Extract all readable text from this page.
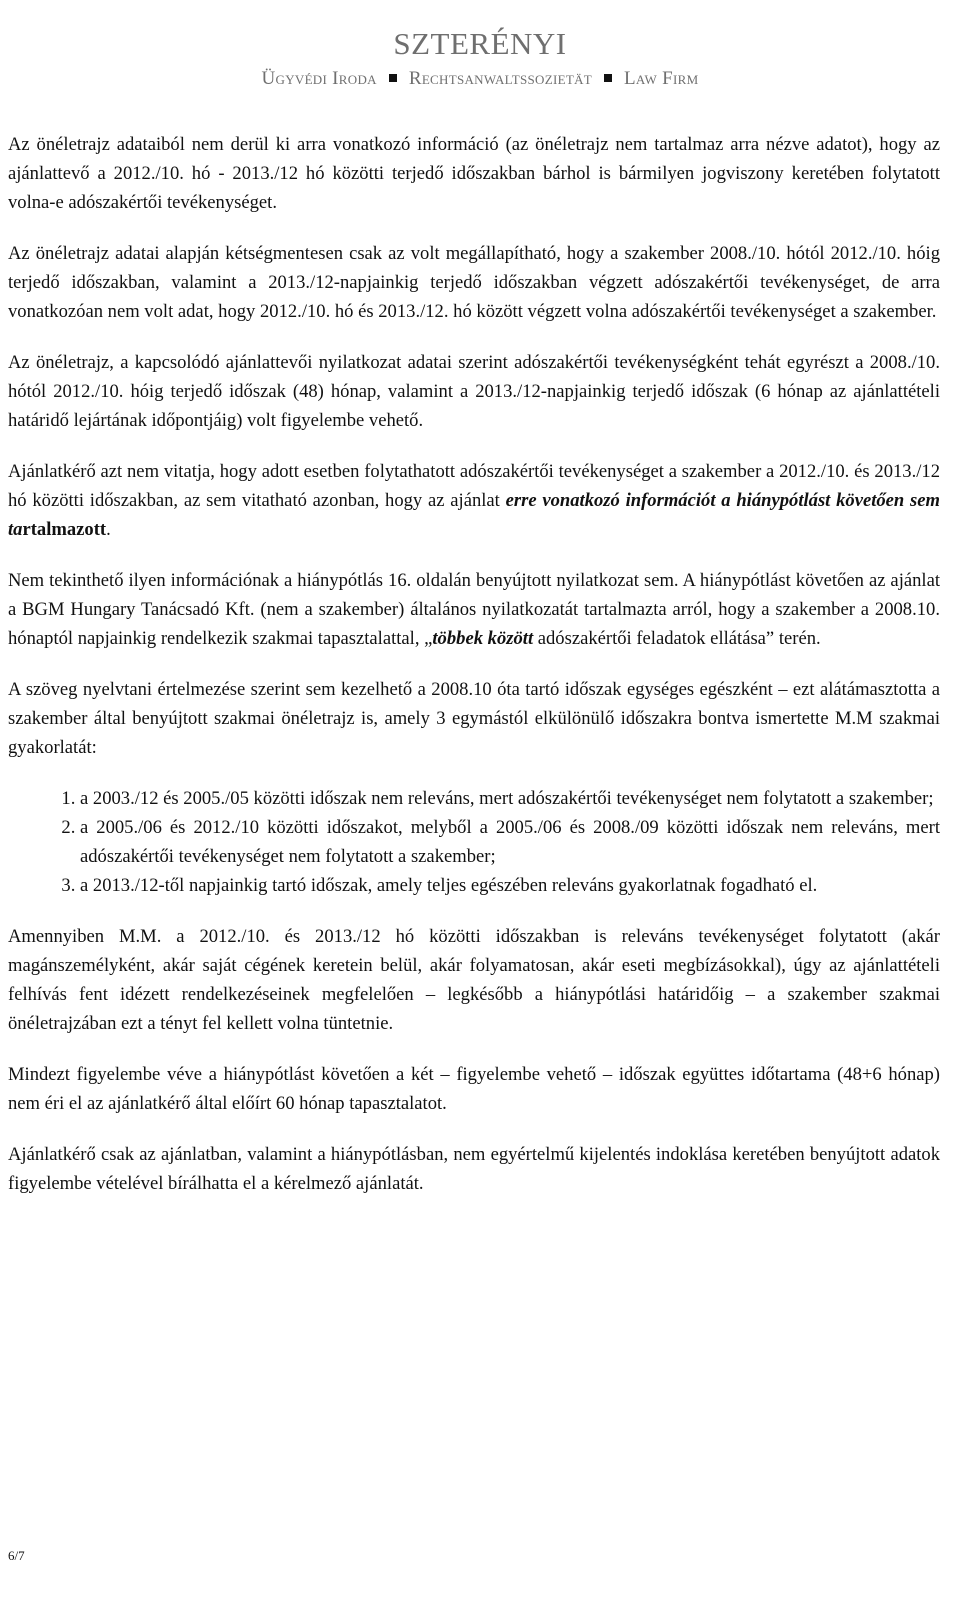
SZTERÉNYI
Ügyvédi Iroda Rechtsanwaltssozietät Law Firm

Az önéletrajz adataiból nem derül ki arra vonatkozó információ (az önéletrajz nem tartalmaz arra nézve adatot), hogy az ajánlattevő a 2012./10. hó - 2013./12 hó közötti terjedő időszakban bárhol is bármilyen jogviszony keretében folytatott volna-e adószakértői tevékenységet.

Az önéletrajz adatai alapján kétségmentesen csak az volt megállapítható, hogy a szakember 2008./10. hótól 2012./10. hóig terjedő időszakban, valamint a 2013./12-napjainkig terjedő időszakban végzett adószakértői tevékenységet, de arra vonatkozóan nem volt adat, hogy 2012./10. hó és 2013./12. hó között végzett volna adószakértői tevékenységet a szakember.

Az önéletrajz, a kapcsolódó ajánlattevői nyilatkozat adatai szerint adószakértői tevékenységként tehát egyrészt a 2008./10. hótól 2012./10. hóig terjedő időszak (48) hónap, valamint a 2013./12-napjainkig terjedő időszak (6 hónap az ajánlattételi határidő lejártának időpontjáig) volt figyelembe vehető.

Ajánlatkérő azt nem vitatja, hogy adott esetben folytathatott adószakértői tevékenységet a szakember a 2012./10. és 2013./12 hó közötti időszakban, az sem vitatható azonban, hogy az ajánlat erre vonatkozó információt a hiánypótlást követően sem tartalmazott.

Nem tekinthető ilyen információnak a hiánypótlás 16. oldalán benyújtott nyilatkozat sem. A hiánypótlást követően az ajánlat a BGM Hungary Tanácsadó Kft. (nem a szakember) általános nyilatkozatát tartalmazta arról, hogy a szakember a 2008.10. hónaptól napjainkig rendelkezik szakmai tapasztalattal, „többek között adószakértői feladatok ellátása” terén.

A szöveg nyelvtani értelmezése szerint sem kezelhető a 2008.10 óta tartó időszak egységes egészként – ezt alátámasztotta a szakember által benyújtott szakmai önéletrajz is, amely 3 egymástól elkülönülő időszakra bontva ismertette M.M szakmai gyakorlatát:

1. a 2003./12 és 2005./05 közötti időszak nem releváns, mert adószakértői tevékenységet nem folytatott a szakember;
2. a 2005./06 és 2012./10 közötti időszakot, melyből a 2005./06 és 2008./09 közötti időszak nem releváns, mert adószakértői tevékenységet nem folytatott a szakember;
3. a 2013./12-től napjainkig tartó időszak, amely teljes egészében releváns gyakorlatnak fogadható el.

Amennyiben M.M. a 2012./10. és 2013./12 hó közötti időszakban is releváns tevékenységet folytatott (akár magánszemélyként, akár saját cégének keretein belül, akár folyamatosan, akár eseti megbízásokkal), úgy az ajánlattételi felhívás fent idézett rendelkezéseinek megfelelően – legkésőbb a hiánypótlási határidőig – a szakember szakmai önéletrajzában ezt a tényt fel kellett volna tüntetnie.

Mindezt figyelembe véve a hiánypótlást követően a két – figyelembe vehető – időszak együttes időtartama (48+6 hónap) nem éri el az ajánlatkérő által előírt 60 hónap tapasztalatot.

Ajánlatkérő csak az ajánlatban, valamint a hiánypótlásban, nem egyértelmű kijelentés indoklása keretében benyújtott adatok figyelembe vételével bírálhatta el a kérelmező ajánlatát.

6/7
